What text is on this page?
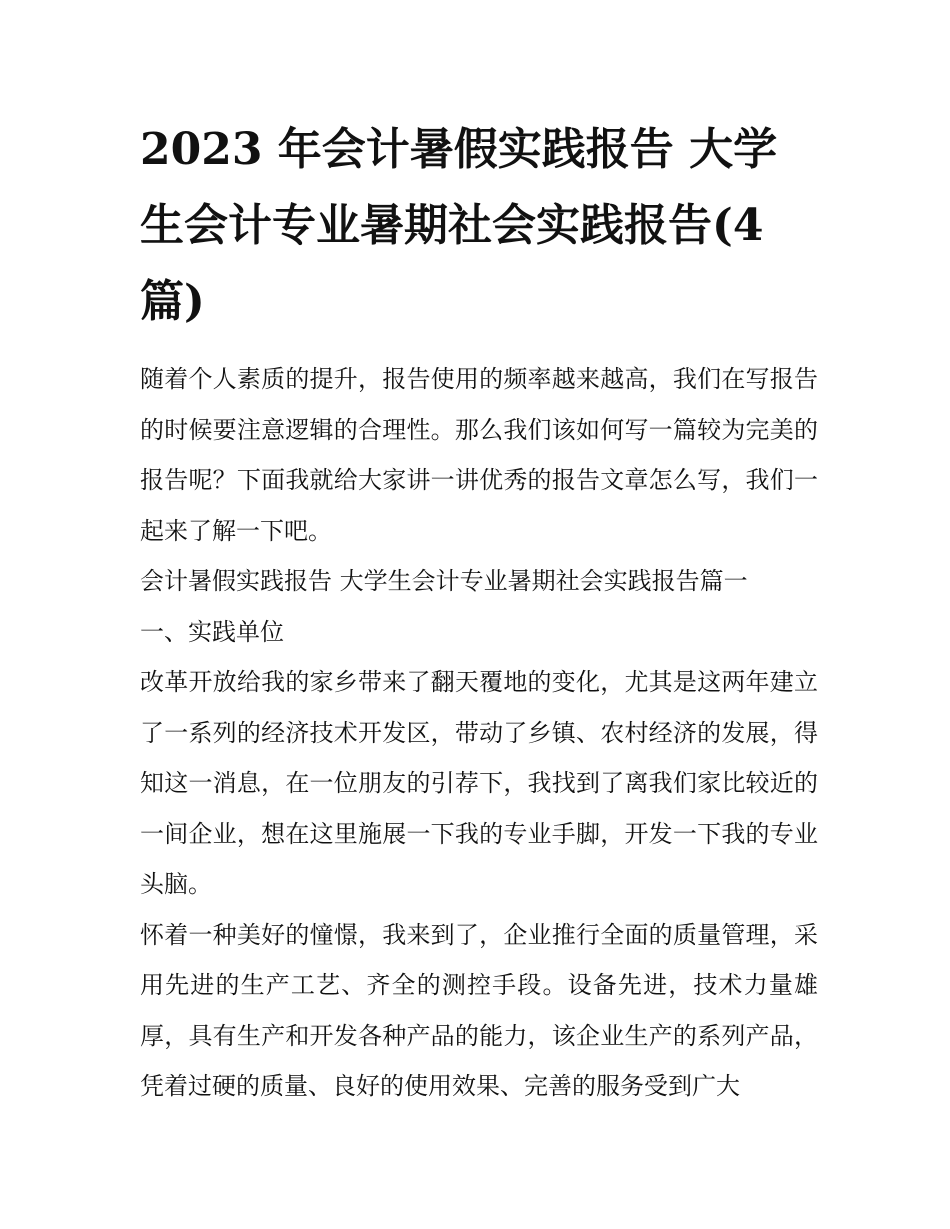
2023 年会计暑假实践报告 大学生会计专业暑期社会实践报告(4 篇)

随着个人素质的提升，报告使用的频率越来越高，我们在写报告的时候要注意逻辑的合理性。那么我们该如何写一篇较为完美的报告呢？下面我就给大家讲一讲优秀的报告文章怎么写，我们一起来了解一下吧。

会计暑假实践报告 大学生会计专业暑期社会实践报告篇一

一、实践单位

改革开放给我的家乡带来了翻天覆地的变化，尤其是这两年建立了一系列的经济技术开发区，带动了乡镇、农村经济的发展，得知这一消息，在一位朋友的引荐下，我找到了离我们家比较近的一间企业，想在这里施展一下我的专业手脚，开发一下我的专业头脑。

怀着一种美好的憧憬，我来到了，企业推行全面的质量管理，采用先进的生产工艺、齐全的测控手段。设备先进，技术力量雄厚，具有生产和开发各种产品的能力，该企业生产的系列产品，凭着过硬的质量、良好的使用效果、完善的服务受到广大
